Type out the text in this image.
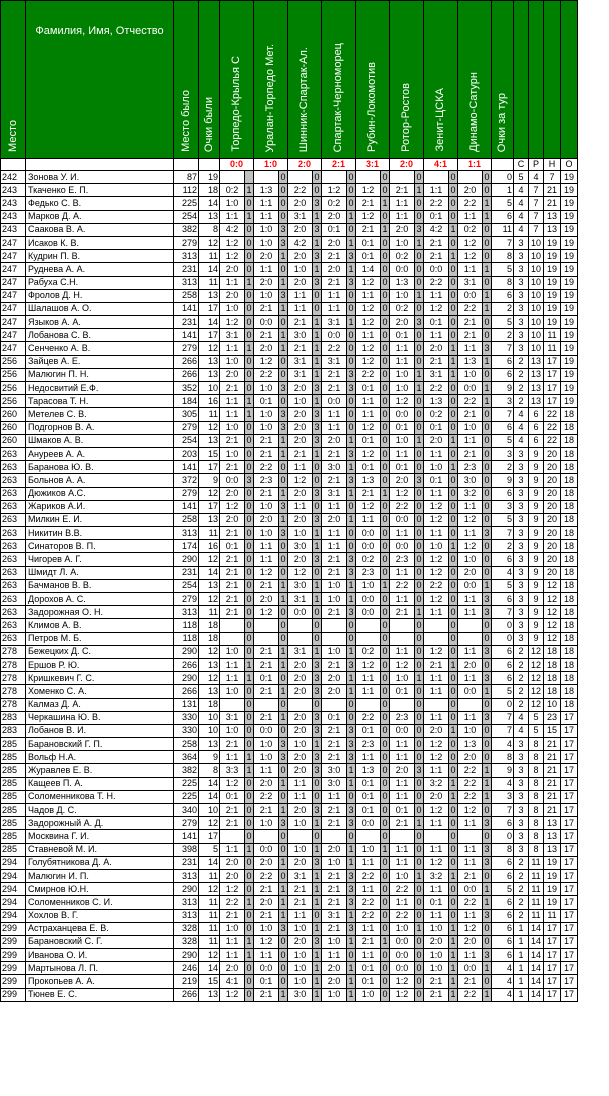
Место	Фамилия, Имя, Отчество	Место было	Очки были	Торпедо-Крылья С		Уралан-Торпедо Мет.		Шинник-Спартак-Ал.		Спартак-Черноморец		Рубин-Локомотив		Ротор-Ростов		Зенит-ЦСКА		Динамо-Сатурн		Очки за тур				
				0:0		1:0		2:0		2:1		3:1		2:0		4:1		1:1			С	Р	Н	О
242	Зонова У. И.	87	19				0		0		0		0		0		0		0	0	5	4	7	19
243	Ткаченко Е. П.	112	18	0:2	1	1:3	0	2:2	0	1:2	0	1:2	0	2:1	1	1:1	0	2:0	0	1	4	7	21	19
243	Федько С. В.	225	14	1:0	0	1:1	0	2:0	3	0:2	0	2:1	1	1:1	0	2:2	0	2:2	1	5	4	7	21	19
243	Марков Д. А.	254	13	1:1	1	1:1	0	3:1	1	2:0	1	1:2	0	1:1	0	0:1	0	1:1	1	6	4	7	13	19
243	Саакова В. А.	382	8	4:2	0	1:0	3	2:0	3	0:1	0	2:1	1	2:0	3	4:2	1	0:2	0	11	4	7	13	19
247	Исаков К. В.	279	12	1:2	0	1:0	3	4:2	1	2:0	1	0:1	0	1:0	1	2:1	0	1:2	0	7	3	10	19	19
247	Кудрин П. В.	313	11	1:2	0	2:0	1	2:0	3	2:1	3	0:1	0	0:2	0	2:1	1	1:2	0	8	3	10	19	19
247	Руднева А. А.	231	14	2:0	0	1:1	0	1:0	1	2:0	1	1:4	0	0:0	0	0:0	0	1:1	1	5	3	10	19	19
247	Рабуха С.Н.	313	11	1:1	1	2:0	1	2:0	3	2:1	3	1:2	0	1:3	0	2:2	0	3:1	0	8	3	10	19	19
247	Фролов Д. Н.	258	13	2:0	0	1:0	3	1:1	0	1:1	0	1:1	0	1:0	1	1:1	0	0:0	1	6	3	10	19	19
247	Шалашов А. О.	141	17	1:0	0	2:1	1	1:1	0	1:1	0	1:2	0	0:2	0	1:2	0	2:2	1	2	3	10	19	19
247	Языков А. А.	231	14	1:2	0	0:0	0	2:1	1	3:1	1	1:2	0	2:0	3	0:1	0	2:1	0	5	3	10	19	19
247	Лобанова С. В.	141	17	3:1	0	2:1	1	3:0	1	0:0	0	1:1	0	0:1	0	1:1	0	2:1	0	2	3	10	11	19
247	Сенченко А. В.	279	12	1:1	1	2:0	1	2:1	1	2:2	0	1:2	0	1:1	0	2:0	1	1:1	3	7	3	10	11	19
256	Зайцев А. Е.	266	13	1:0	0	1:2	0	3:1	1	3:1	0	1:2	0	1:1	0	2:1	1	1:3	1	6	2	13	17	19
256	Малюгин П. Н.	266	13	2:0	0	2:2	0	3:1	1	2:1	3	2:2	0	1:0	1	3:1	1	1:0	0	6	2	13	17	19
256	Недосвитий Е.Ф.	352	10	2:1	0	1:0	3	2:0	3	2:1	3	0:1	0	1:0	1	2:2	0	0:0	1	9	2	13	17	19
256	Тарасова Т. Н.	184	16	1:1	1	0:1	0	1:0	1	0:0	0	1:1	0	1:2	0	1:3	0	2:2	1	3	2	13	17	19
260	Метелев С. В.	305	11	1:1	1	1:0	3	2:0	3	1:1	0	1:1	0	0:0	0	0:2	0	2:1	0	7	4	6	22	18
260	Подгорнов В. А.	279	12	1:0	0	1:0	3	2:0	3	1:1	0	1:2	0	0:1	0	0:1	0	1:0	0	6	4	6	22	18
260	Шмаков А. В.	254	13	2:1	0	2:1	1	2:0	3	2:0	1	0:1	0	1:0	1	2:0	1	1:1	0	5	4	6	22	18
263	Ануреев А. А.	203	15	1:0	0	2:1	1	2:1	1	2:1	3	1:2	0	1:1	0	1:1	0	2:1	0	3	3	9	20	18
263	Баранова Ю. В.	141	17	2:1	0	2:2	0	1:1	0	3:0	1	0:1	0	0:1	0	1:0	1	2:3	0	2	3	9	20	18
263	Больнов А. А.	372	9	0:0	3	2:3	0	1:2	0	2:1	3	1:3	0	2:0	3	0:1	0	3:0	0	9	3	9	20	18
263	Дюжиков А.С.	279	12	2:0	0	2:1	1	2:0	3	3:1	1	2:1	1	1:2	0	1:1	0	3:2	0	6	3	9	20	18
263	Жариков А.И.	141	17	1:2	0	1:0	3	1:1	0	1:1	0	1:2	0	2:2	0	1:2	0	1:1	0	3	3	9	20	18
263	Милкин Е. И.	258	13	2:0	0	2:0	1	2:0	3	2:0	1	1:1	0	0:0	0	1:2	0	1:2	0	5	3	9	20	18
263	Никитин В.В.	313	11	2:1	0	1:0	3	1:0	1	1:1	0	0:0	0	1:1	0	1:1	0	1:1	3	7	3	9	20	18
263	Синаторов В. П.	174	16	0:1	0	1:1	0	3:0	1	1:1	0	0:0	0	0:0	0	1:0	1	1:2	0	2	3	9	20	18
263	Чигорев А. Г.	290	12	2:1	0	1:1	0	2:0	3	2:1	3	0:2	0	2:3	0	1:2	0	1:0	0	6	3	9	20	18
263	Шмидт Л. А.	231	14	2:1	0	1:2	0	1:2	0	2:1	3	2:3	0	1:1	0	1:2	0	2:0	0	4	3	9	20	18
263	Бачманов В. В.	254	13	2:1	0	2:1	1	3:0	1	1:0	1	1:0	1	2:2	0	2:2	0	0:0	1	5	3	9	12	18
263	Дорохов А. С.	279	12	2:1	0	2:0	1	3:1	1	1:0	1	0:0	0	1:1	0	1:2	0	1:1	3	6	3	9	12	18
263	Задорожная О. Н.	313	11	2:1	0	1:2	0	0:0	0	2:1	3	0:0	0	2:1	1	1:1	0	1:1	3	7	3	9	12	18
263	Климов А. В.	118	18		0		0		0		0		0		0		0		0	0	3	9	12	18
263	Петров М. Б.	118	18		0		0		0		0		0		0		0		0	0	3	9	12	18
278	Бежецких Д. С.	290	12	1:0	0	2:1	1	3:1	1	1:0	1	0:2	0	1:1	0	1:2	0	1:1	3	6	2	12	18	18
278	Ершов Р. Ю.	266	13	1:1	1	2:1	1	2:0	3	2:1	3	1:2	0	1:2	0	2:1	1	2:0	0	6	2	12	18	18
278	Кришкевич Г. С.	290	12	1:1	1	0:1	0	2:0	3	2:0	1	1:1	0	1:0	1	1:1	0	1:1	3	6	2	12	18	18
278	Хоменко С. А.	266	13	1:0	0	2:1	1	2:0	3	2:0	1	1:1	0	0:1	0	1:1	0	0:0	1	5	2	12	18	18
278	Калмаз Д. А.	131	18		0		0		0		0		0		0		0		0	0	2	12	10	18
283	Черкашина Ю. В.	330	10	3:1	0	2:1	1	2:0	3	0:1	0	2:2	0	2:3	0	1:1	0	1:1	3	7	4	5	23	17
283	Лобанов В. И.	330	10	1:0	0	0:0	0	2:0	3	2:1	3	0:1	0	0:0	0	2:0	1	1:0	0	7	4	5	15	17
285	Барановский Г. П.	258	13	2:1	0	1:0	3	1:0	1	2:1	3	2:3	0	1:1	0	1:2	0	1:3	0	4	3	8	21	17
285	Вольф Н.А.	364	9	1:1	1	1:0	3	2:0	3	2:1	3	1:1	0	1:1	0	1:2	0	2:0	0	8	3	8	21	17
285	Журавлев Е. В.	382	8	3:3	1	1:1	0	2:0	3	3:0	1	1:3	0	2:0	3	1:1	0	2:2	1	9	3	8	21	17
285	Кащеев П. А.	225	14	1:2	0	2:0	1	1:1	0	3:0	1	0:1	0	1:1	0	3:2	1	2:2	1	4	3	8	21	17
285	Соломенникова Т. Н.	225	14	0:1	0	2:2	0	1:1	0	1:1	0	0:1	0	1:1	0	2:0	1	2:2	1	3	3	8	21	17
285	Чадов Д. С.	340	10	2:1	0	2:1	1	2:0	3	2:1	3	0:1	0	0:1	0	1:2	0	1:2	0	7	3	8	21	17
285	Задорожный А. Д.	279	12	2:1	0	1:0	3	1:0	1	2:1	3	0:0	0	2:1	1	1:1	0	1:1	3	6	3	8	13	17
285	Москвина Г. И.	141	17		0		0		0		0		0		0		0		0	0	3	8	13	17
285	Ставневой М. И.	398	5	1:1	1	0:0	0	1:0	1	2:0	1	1:0	1	1:1	0	1:1	0	1:1	3	8	3	8	13	17
294	Голубятникова Д. А.	231	14	2:0	0	2:0	1	2:0	3	1:0	1	1:1	0	1:1	0	1:2	0	1:1	3	6	2	11	19	17
294	Малюгин И. П.	313	11	2:0	0	2:2	0	3:1	1	2:1	3	2:2	0	1:0	1	3:2	1	2:1	0	6	2	11	19	17
294	Смирнов Ю.Н.	290	12	1:2	0	2:1	1	2:1	1	2:1	3	1:1	0	2:2	0	1:1	0	0:0	1	5	2	11	19	17
294	Соломенников С. И.	313	11	2:2	1	2:0	1	2:1	1	2:1	3	2:2	0	1:1	0	0:1	0	2:2	1	6	2	11	19	17
294	Хохлов В. Г.	313	11	2:1	0	2:1	1	1:1	0	3:1	1	2:2	0	2:2	0	1:1	0	1:1	3	6	2	11	11	17
299	Астраханцева Е. В.	328	11	1:0	0	1:0	3	1:0	1	2:1	3	1:1	0	1:0	1	1:0	1	1:2	0	6	1	14	17	17
299	Барановский С. Г.	328	11	1:1	1	1:2	0	2:0	3	1:0	1	2:1	1	0:0	0	2:0	1	2:0	0	6	1	14	17	17
299	Иванова О. И.	290	12	1:1	1	1:1	0	1:0	1	1:1	0	1:1	0	0:0	0	1:0	1	1:1	3	6	1	14	17	17
299	Мартынова Л. П.	246	14	2:0	0	0:0	0	1:0	1	2:0	1	0:1	0	0:0	0	1:0	1	0:0	1	4	1	14	17	17
299	Прокопьев А. А.	219	15	4:1	0	0:1	0	1:0	1	2:0	1	0:1	0	1:2	0	2:1	1	2:1	0	4	1	14	17	17
299	Тюнев Е. С.	266	13	1:2	0	2:1	1	3:0	1	1:0	1	1:0	0	1:2	0	2:1	1	2:2	1	4	1	14	17	17
